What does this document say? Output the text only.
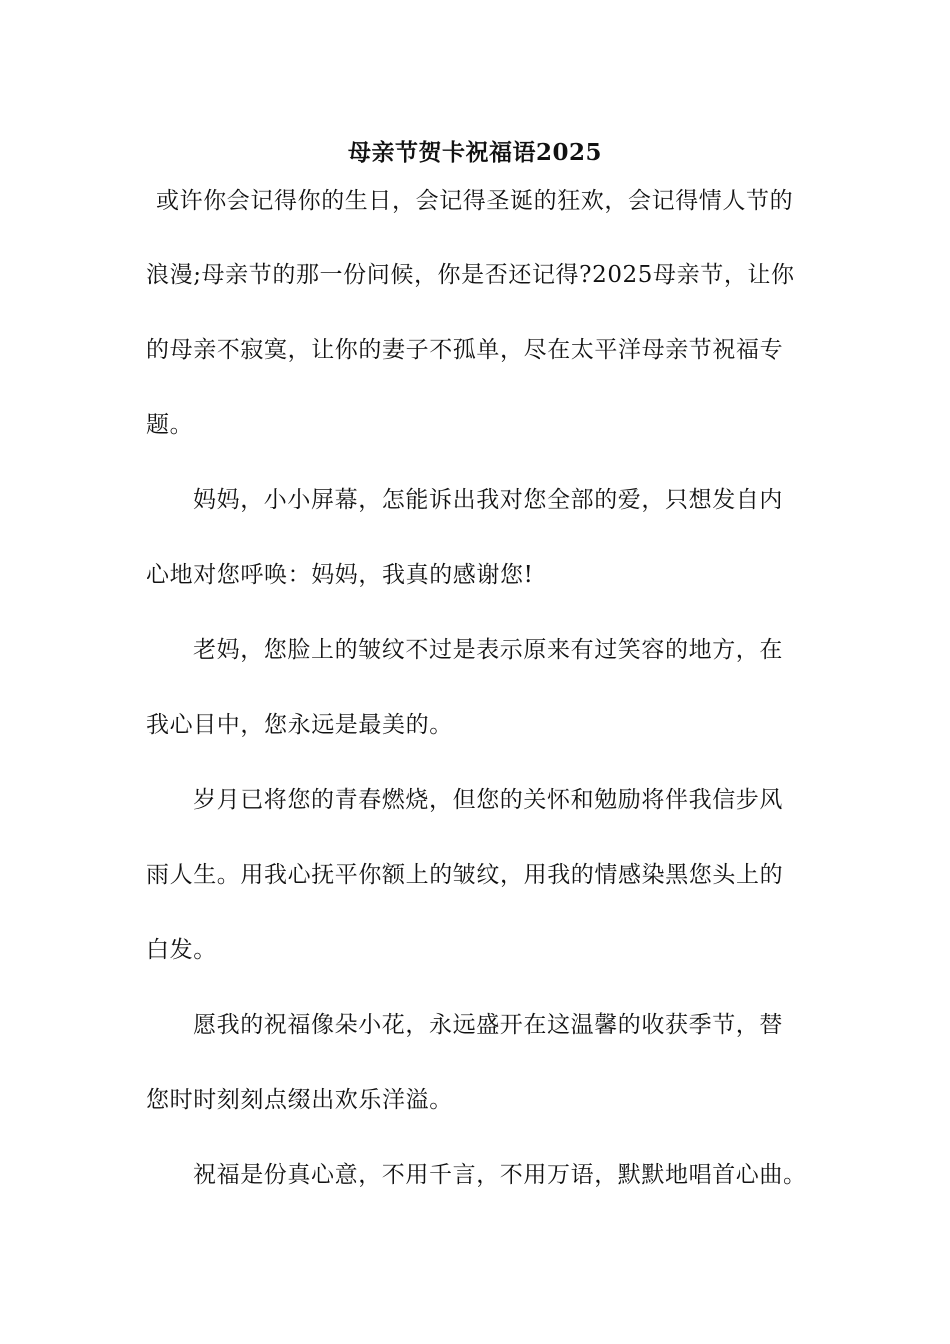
母亲节贺卡祝福语2025
或许你会记得你的生日，会记得圣诞的狂欢，会记得情人节的
浪漫;母亲节的那一份问候，你是否还记得?2025母亲节，让你
的母亲不寂寞，让你的妻子不孤单，尽在太平洋母亲节祝福专
题。
妈妈，小小屏幕，怎能诉出我对您全部的爱，只想发自内
心地对您呼唤：妈妈，我真的感谢您!
老妈，您脸上的皱纹不过是表示原来有过笑容的地方，在
我心目中，您永远是最美的。
岁月已将您的青春燃烧，但您的关怀和勉励将伴我信步风
雨人生。用我心抚平你额上的皱纹，用我的情感染黑您头上的
白发。
愿我的祝福像朵小花，永远盛开在这温馨的收获季节，替
您时时刻刻点缀出欢乐洋溢。
祝福是份真心意，不用千言，不用万语，默默地唱首心曲。
